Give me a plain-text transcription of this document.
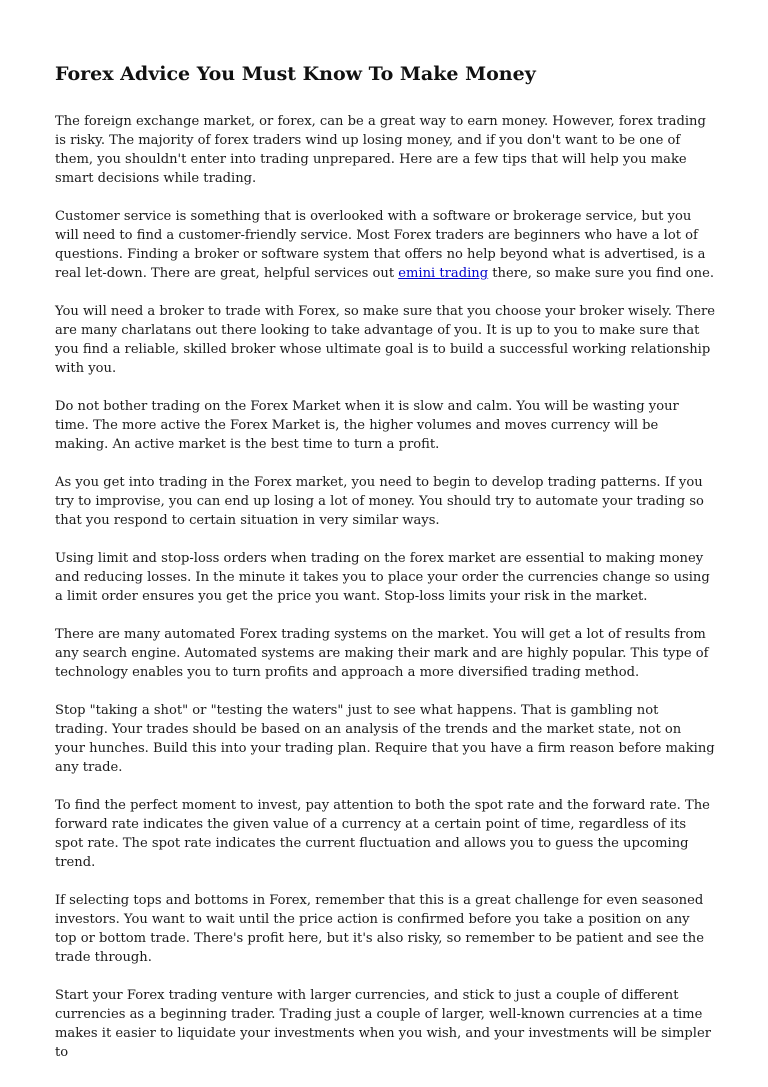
Forex Advice You Must Know To Make Money

The foreign exchange market, or forex, can be a great way to earn money. However, forex trading is risky. The majority of forex traders wind up losing money, and if you don't want to be one of them, you shouldn't enter into trading unprepared. Here are a few tips that will help you make smart decisions while trading.

Customer service is something that is overlooked with a software or brokerage service, but you will need to find a customer-friendly service. Most Forex traders are beginners who have a lot of questions. Finding a broker or software system that offers no help beyond what is advertised, is a real let-down. There are great, helpful services out emini trading there, so make sure you find one.

You will need a broker to trade with Forex, so make sure that you choose your broker wisely. There are many charlatans out there looking to take advantage of you. It is up to you to make sure that you find a reliable, skilled broker whose ultimate goal is to build a successful working relationship with you.

Do not bother trading on the Forex Market when it is slow and calm. You will be wasting your time. The more active the Forex Market is, the higher volumes and moves currency will be making. An active market is the best time to turn a profit.

As you get into trading in the Forex market, you need to begin to develop trading patterns. If you try to improvise, you can end up losing a lot of money. You should try to automate your trading so that you respond to certain situation in very similar ways.

Using limit and stop-loss orders when trading on the forex market are essential to making money and reducing losses. In the minute it takes you to place your order the currencies change so using a limit order ensures you get the price you want. Stop-loss limits your risk in the market.

There are many automated Forex trading systems on the market. You will get a lot of results from any search engine. Automated systems are making their mark and are highly popular. This type of technology enables you to turn profits and approach a more diversified trading method.

Stop "taking a shot" or "testing the waters" just to see what happens. That is gambling not trading. Your trades should be based on an analysis of the trends and the market state, not on your hunches. Build this into your trading plan. Require that you have a firm reason before making any trade.

To find the perfect moment to invest, pay attention to both the spot rate and the forward rate. The forward rate indicates the given value of a currency at a certain point of time, regardless of its spot rate. The spot rate indicates the current fluctuation and allows you to guess the upcoming trend.

If selecting tops and bottoms in Forex, remember that this is a great challenge for even seasoned investors. You want to wait until the price action is confirmed before you take a position on any top or bottom trade. There's profit here, but it's also risky, so remember to be patient and see the trade through.

Start your Forex trading venture with larger currencies, and stick to just a couple of different currencies as a beginning trader. Trading just a couple of larger, well-known currencies at a time makes it easier to liquidate your investments when you wish, and your investments will be simpler to
